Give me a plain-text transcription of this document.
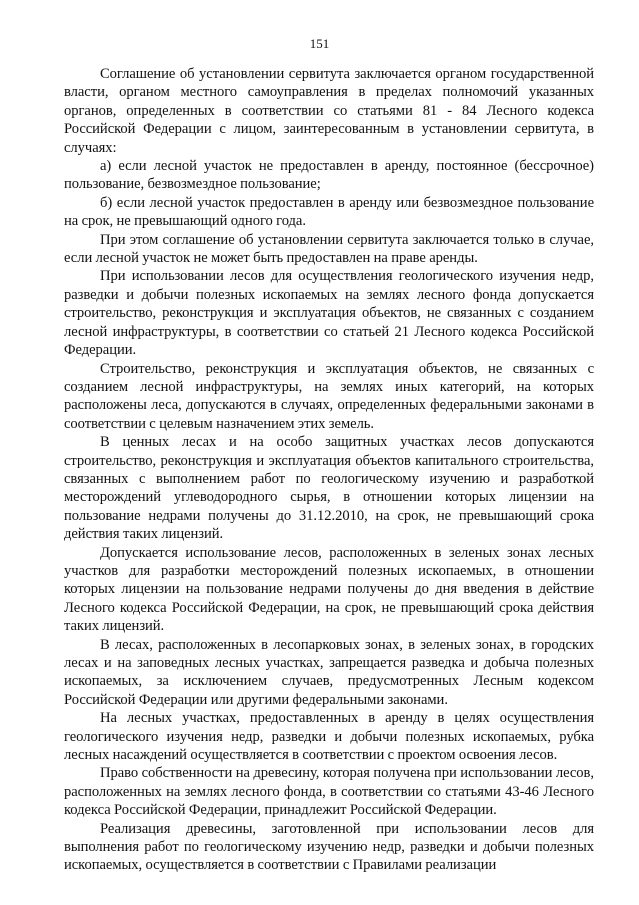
151

Соглашение об установлении сервитута заключается органом государственной власти, органом местного самоуправления в пределах полномочий указанных органов, определенных в соответствии со статьями 81 - 84 Лесного кодекса Российской Федерации с лицом, заинтересованным в установлении сервитута, в случаях:

а) если лесной участок не предоставлен в аренду, постоянное (бессрочное) пользование, безвозмездное пользование;

б) если лесной участок предоставлен в аренду или безвозмездное пользование на срок, не превышающий одного года.

При этом соглашение об установлении сервитута заключается только в случае, если лесной участок не может быть предоставлен на праве аренды.

При использовании лесов для осуществления геологического изучения недр, разведки и добычи полезных ископаемых на землях лесного фонда допускается строительство, реконструкция и эксплуатация объектов, не связанных с созданием лесной инфраструктуры, в соответствии со статьей 21 Лесного кодекса Российской Федерации.

Строительство, реконструкция и эксплуатация объектов, не связанных с созданием лесной инфраструктуры, на землях иных категорий, на которых расположены леса, допускаются в случаях, определенных федеральными законами в соответствии с целевым назначением этих земель.

В ценных лесах и на особо защитных участках лесов допускаются строительство, реконструкция и эксплуатация объектов капитального строительства, связанных с выполнением работ по геологическому изучению и разработкой месторождений углеводородного сырья, в отношении которых лицензии на пользование недрами получены до 31.12.2010, на срок, не превышающий срока действия таких лицензий.

Допускается использование лесов, расположенных в зеленых зонах лесных участков для разработки месторождений полезных ископаемых, в отношении которых лицензии на пользование недрами получены до дня введения в действие Лесного кодекса Российской Федерации, на срок, не превышающий срока действия таких лицензий.

В лесах, расположенных в лесопарковых зонах, в зеленых зонах, в городских лесах и на заповедных лесных участках, запрещается разведка и добыча полезных ископаемых, за исключением случаев, предусмотренных Лесным кодексом Российской Федерации или другими федеральными законами.

На лесных участках, предоставленных в аренду в целях осуществления геологического изучения недр, разведки и добычи полезных ископаемых, рубка лесных насаждений осуществляется в соответствии с проектом освоения лесов.

Право собственности на древесину, которая получена при использовании лесов, расположенных на землях лесного фонда, в соответствии со статьями 43-46 Лесного кодекса Российской Федерации, принадлежит Российской Федерации.

Реализация древесины, заготовленной при использовании лесов для выполнения работ по геологическому изучению недр, разведки и добычи полезных ископаемых, осуществляется в соответствии с Правилами реализации
